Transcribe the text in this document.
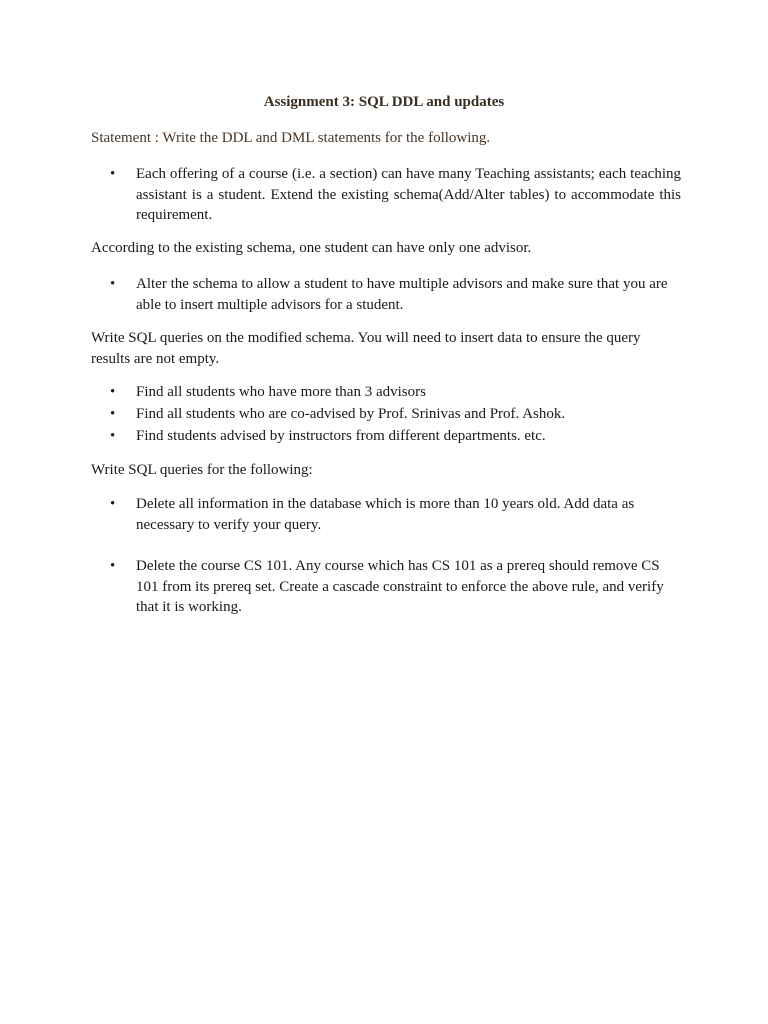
Assignment 3: SQL DDL and updates
Statement : Write the DDL and DML statements for the following.
• Each offering of a course (i.e. a section) can have many Teaching assistants; each teaching assistant is a student. Extend the existing schema(Add/Alter tables) to accommodate this requirement.
According to the existing schema, one student can have only one advisor.
• Alter the schema to allow a student to have multiple advisors and make sure that you are able to insert multiple advisors for a student.
Write SQL queries on the modified schema. You will need to insert data to ensure the query results are not empty.
• Find all students who have more than 3 advisors
• Find all students who are co-advised by Prof. Srinivas and Prof. Ashok.
• Find students advised by instructors from different departments. etc.
Write SQL queries for the following:
• Delete all information in the database which is more than 10 years old. Add data as necessary to verify your query.
• Delete the course CS 101. Any course which has CS 101 as a prereq should remove CS 101 from its prereq set. Create a cascade constraint to enforce the above rule, and verify that it is working.
